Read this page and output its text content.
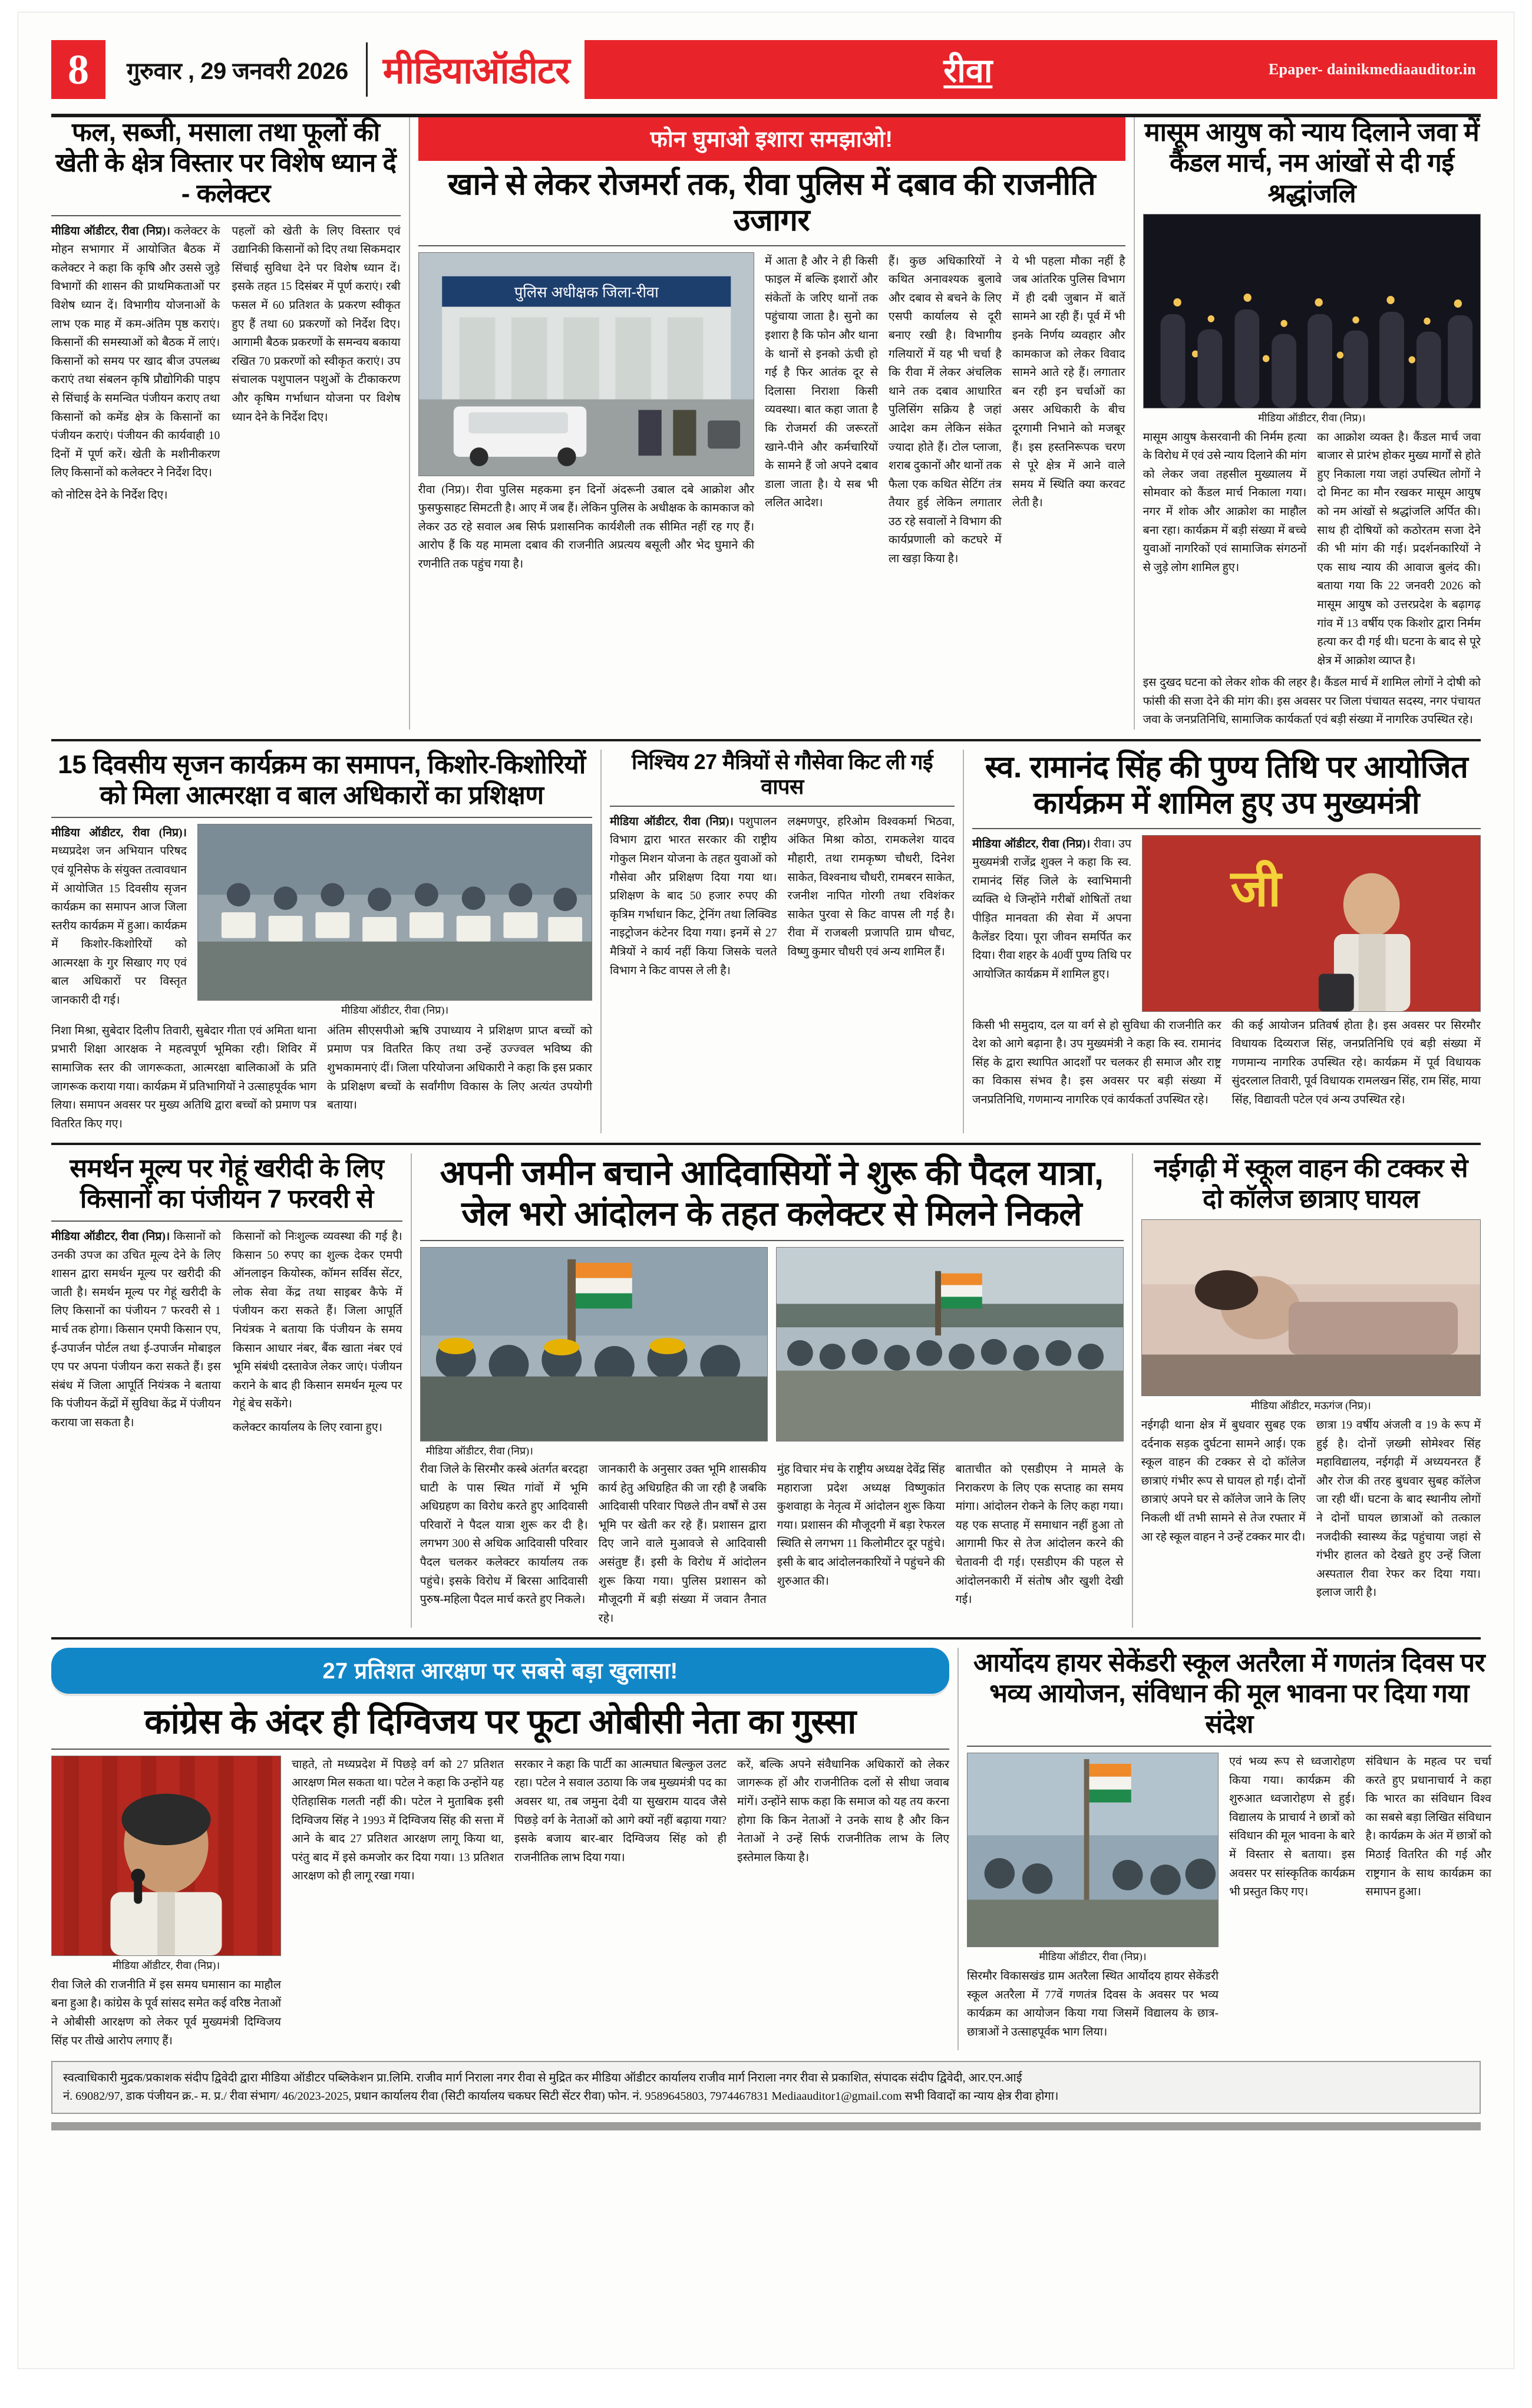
8	गुरुवार , 29 जनवरी 2026 मीडियाऑडीटर	रीवा	Epaper- dainikmediaauditor.in
फल, सब्जी, मसाला तथा फूलों की खेती के क्षेत्र विस्तार पर विशेष ध्यान दें - कलेक्टर

मीडिया ऑडीटर, रीवा (निप्र)। कलेक्टर के मोहन सभागार में आयोजित बैठक में कलेक्टर ने कहा कि कृषि और उससे जुड़े विभागों की शासन की प्राथमिकताओं पर विशेष ध्यान दें। विभागीय योजनाओं के लाभ एक माह में कम-अंतिम पृष्ठ कराएं। किसानों की समस्याओं को बैठक में लाएं। किसानों को समय पर खाद बीज उपलब्ध कराएं तथा संबलन कृषि प्रौद्योगिकी पाइप से सिंचाई के समन्वित पंजीयन कराए तथा किसानों को कमेंड क्षेत्र के किसानों का पंजीयन कराएं। पंजीयन की कार्यवाही 10 दिनों में पूर्ण करें। खेती के मशीनीकरण लिए किसानों को कलेक्टर ने निर्देश दिए।

पहलों को खेती के लिए विस्तार एवं उद्यानिकी किसानों को दिए तथा सिकमदार सिंचाई सुविधा देने पर विशेष ध्यान दें। इसके तहत 15 दिसंबर में पूर्ण कराएं। रबी फसल में 60 प्रतिशत के प्रकरण स्वीकृत हुए हैं तथा 60 प्रकरणों को निर्देश दिए। आगामी बैठक प्रकरणों के समन्वय बकाया रखित 70 प्रकरणों को स्वीकृत कराएं। उप संचालक पशुपालन पशुओं के टीकाकरण और कृषिम गर्भाधान योजना पर विशेष ध्यान देने के निर्देश दिए।

को नोटिस देने के निर्देश दिए।

फोन घुमाओ इशारा समझाओ!
खाने से लेकर रोजमर्रा तक, रीवा पुलिस में दबाव की राजनीति उजागर
पुलिस अधीक्षक जिला-रीवा

रीवा (निप्र)। रीवा पुलिस महकमा इन दिनों अंदरूनी उबाल दबे आक्रोश और फुसफुसाहट सिमटती है। आए में जब हैं। लेकिन पुलिस के अधीक्षक के कामकाज को लेकर उठ रहे सवाल अब सिर्फ प्रशासनिक कार्यशैली तक सीमित नहीं रह गए हैं। आरोप हैं कि यह मामला दबाव की राजनीति अप्रत्यय बसूली और भेद घुमाने की रणनीति तक पहुंच गया है।

में आता है और ने ही किसी फाइल में बल्कि इशारों और संकेतों के जरिए थानों तक पहुंचाया जाता है। सुनो का इशारा है कि फोन और थाना के थानों से इनको ऊंची हो गई है फिर आतंक दूर से दिलासा निराशा किसी व्यवस्था। बात कहा जाता है कि रोजमर्रा की जरूरतों खाने-पीने और कर्मचारियों के सामने हैं जो अपने दबाव डाला जाता है। ये सब भी ललित आदेश।

हैं। कुछ अधिकारियों ने कथित अनावश्यक बुलावे और दबाव से बचने के लिए एसपी कार्यालय से दूरी बनाए रखी है। विभागीय गलियारों में यह भी चर्चा है कि रीवा में लेकर अंचलिक थाने तक दबाव आधारित पुलिसिंग सक्रिय है जहां आदेश कम लेकिन संकेत ज्यादा होते हैं। टोल प्लाजा, शराब दुकानों और थानों तक फैला एक कथित सेटिंग तंत्र तैयार हुई लेकिन लगातार उठ रहे सवालों ने विभाग की कार्यप्रणाली को कटघरे में ला खड़ा किया है।

ये भी पहला मौका नहीं है जब आंतरिक पुलिस विभाग में ही दबी जुबान में बातें सामने आ रही हैं। पूर्व में भी इनके निर्णय व्यवहार और कामकाज को लेकर विवाद सामने आते रहे हैं। लगातार बन रही इन चर्चाओं का असर अधिकारी के बीच दूरगामी निभाने को मजबूर हैं। इस हस्तनिरूपक चरण से पूरे क्षेत्र में आने वाले समय में स्थिति क्या करवट लेती है।

मासूम आयुष को न्याय दिलाने जवा में कैंडल मार्च, नम आंखों से दी गई श्रद्धांजलि
मीडिया ऑडीटर, रीवा (निप्र)।

मासूम आयुष केसरवानी की निर्मम हत्या के विरोध में एवं उसे न्याय दिलाने की मांग को लेकर जवा तहसील मुख्यालय में सोमवार को कैंडल मार्च निकाला गया। नगर में शोक और आक्रोश का माहौल बना रहा। कार्यक्रम में बड़ी संख्या में बच्चे युवाओं नागरिकों एवं सामाजिक संगठनों से जुड़े लोग शामिल हुए।

का आक्रोश व्यक्त है। कैंडल मार्च जवा बाजार से प्रारंभ होकर मुख्य मार्गों से होते हुए निकाला गया जहां उपस्थित लोगों ने दो मिनट का मौन रखकर मासूम आयुष को नम आंखों से श्रद्धांजलि अर्पित की। साथ ही दोषियों को कठोरतम सजा देने की भी मांग की गई। प्रदर्शनकारियों ने एक साथ न्याय की आवाज बुलंद की। बताया गया कि 22 जनवरी 2026 को मासूम आयुष को उत्तरप्रदेश के बढ़ागढ़ गांव में 13 वर्षीय एक किशोर द्वारा निर्मम हत्या कर दी गई थी। घटना के बाद से पूरे क्षेत्र में आक्रोश व्याप्त है।

इस दुखद घटना को लेकर शोक की लहर है। कैंडल मार्च में शामिल लोगों ने दोषी को फांसी की सजा देने की मांग की। इस अवसर पर जिला पंचायत सदस्य, नगर पंचायत जवा के जनप्रतिनिधि, सामाजिक कार्यकर्ता एवं बड़ी संख्या में नागरिक उपस्थित रहे।

15 दिवसीय सृजन कार्यक्रम का समापन, किशोर-किशोरियों को मिला आत्मरक्षा व बाल अधिकारों का प्रशिक्षण

मीडिया ऑडीटर, रीवा (निप्र)। मध्यप्रदेश जन अभियान परिषद एवं यूनिसेफ के संयुक्त तत्वावधान में आयोजित 15 दिवसीय सृजन कार्यक्रम का समापन आज जिला स्तरीय कार्यक्रम में हुआ। कार्यक्रम में किशोर-किशोरियों को आत्मरक्षा के गुर सिखाए गए एवं बाल अधिकारों पर विस्तृत जानकारी दी गई।

मीडिया ऑडीटर, रीवा (निप्र)।

निशा मिश्रा, सुबेदार दिलीप तिवारी, सुबेदार गीता एवं अमिता थाना प्रभारी शिक्षा आरक्षक ने महत्वपूर्ण भूमिका रही। शिविर में सामाजिक स्तर की जागरूकता, आत्मरक्षा बालिकाओं के प्रति जागरूक कराया गया। कार्यक्रम में प्रतिभागियों ने उत्साहपूर्वक भाग लिया। समापन अवसर पर मुख्य अतिथि द्वारा बच्चों को प्रमाण पत्र वितरित किए गए।

अंतिम सीएसपीओ ऋषि उपाध्याय ने प्रशिक्षण प्राप्त बच्चों को प्रमाण पत्र वितरित किए तथा उन्हें उज्ज्वल भविष्य की शुभकामनाएं दीं। जिला परियोजना अधिकारी ने कहा कि इस प्रकार के प्रशिक्षण बच्चों के सर्वांगीण विकास के लिए अत्यंत उपयोगी बताया।

निश्चिय 27 मैत्रियों से गौसेवा किट ली गई वापस

मीडिया ऑडीटर, रीवा (निप्र)। पशुपालन विभाग द्वारा भारत सरकार की राष्ट्रीय गोकुल मिशन योजना के तहत युवाओं को गौसेवा और प्रशिक्षण दिया गया था। प्रशिक्षण के बाद 50 हजार रुपए की कृत्रिम गर्भाधान किट, ट्रेनिंग तथा लिक्विड नाइट्रोजन कंटेनर दिया गया। इनमें से 27 मैत्रियों ने कार्य नहीं किया जिसके चलते विभाग ने किट वापस ले ली है।

लक्ष्मणपुर, हरिओम विश्वकर्मा भिठवा, अंकित मिश्रा कोठा, रामकलेश यादव मौहारी, तथा रामकृष्ण चौधरी, दिनेश साकेत, विश्वनाथ चौधरी, रामबरन साकेत, रजनीश नापित गोरगी तथा रविशंकर साकेत पुरवा से किट वापस ली गई है। रीवा में राजबली प्रजापति ग्राम धौचट, विष्णु कुमार चौधरी एवं अन्य शामिल हैं।

स्व. रामानंद सिंह की पुण्य तिथि पर आयोजित कार्यक्रम में शामिल हुए उप मुख्यमंत्री

मीडिया ऑडीटर, रीवा (निप्र)। रीवा। उप मुख्यमंत्री राजेंद्र शुक्ल ने कहा कि स्व. रामानंद सिंह जिले के स्वाभिमानी व्यक्ति थे जिन्होंने गरीबों शोषितों तथा पीड़ित मानवता की सेवा में अपना कैलेंडर दिया। पूरा जीवन समर्पित कर दिया। रीवा शहर के 40वीं पुण्य तिथि पर आयोजित कार्यक्रम में शामिल हुए।

जी

किसी भी समुदाय, दल या वर्ग से हो सुविधा की राजनीति कर देश को आगे बढ़ाना है। उप मुख्यमंत्री ने कहा कि स्व. रामानंद सिंह के द्वारा स्थापित आदर्शों पर चलकर ही समाज और राष्ट्र का विकास संभव है। इस अवसर पर बड़ी संख्या में जनप्रतिनिधि, गणमान्य नागरिक एवं कार्यकर्ता उपस्थित रहे।

की कई आयोजन प्रतिवर्ष होता है। इस अवसर पर सिरमौर विधायक दिव्यराज सिंह, जनप्रतिनिधि एवं बड़ी संख्या में गणमान्य नागरिक उपस्थित रहे। कार्यक्रम में पूर्व विधायक सुंदरलाल तिवारी, पूर्व विधायक रामलखन सिंह, राम सिंह, माया सिंह, विद्यावती पटेल एवं अन्य उपस्थित रहे।

समर्थन मूल्य पर गेहूं खरीदी के लिए किसानों का पंजीयन 7 फरवरी से

मीडिया ऑडीटर, रीवा (निप्र)। किसानों को उनकी उपज का उचित मूल्य देने के लिए शासन द्वारा समर्थन मूल्य पर खरीदी की जाती है। समर्थन मूल्य पर गेहूं खरीदी के लिए किसानों का पंजीयन 7 फरवरी से 1 मार्च तक होगा। किसान एमपी किसान एप, ई-उपार्जन पोर्टल तथा ई-उपार्जन मोबाइल एप पर अपना पंजीयन करा सकते हैं। इस संबंध में जिला आपूर्ति नियंत्रक ने बताया कि पंजीयन केंद्रों में सुविधा केंद्र में पंजीयन कराया जा सकता है।

किसानों को निःशुल्क व्यवस्था की गई है। किसान 50 रुपए का शुल्क देकर एमपी ऑनलाइन कियोस्क, कॉमन सर्विस सेंटर, लोक सेवा केंद्र तथा साइबर कैफे में पंजीयन करा सकते हैं। जिला आपूर्ति नियंत्रक ने बताया कि पंजीयन के समय किसान आधार नंबर, बैंक खाता नंबर एवं भूमि संबंधी दस्तावेज लेकर जाएं। पंजीयन कराने के बाद ही किसान समर्थन मूल्य पर गेहूं बेच सकेंगे।

कलेक्टर कार्यालय के लिए रवाना हुए।

अपनी जमीन बचाने आदिवासियों ने शुरू की पैदल यात्रा, जेल भरो आंदोलन के तहत कलेक्टर से मिलने निकले
मीडिया ऑडीटर, रीवा (निप्र)।

रीवा जिले के सिरमौर कस्बे अंतर्गत बरदहा घाटी के पास स्थित गांवों में भूमि अधिग्रहण का विरोध करते हुए आदिवासी परिवारों ने पैदल यात्रा शुरू कर दी है। लगभग 300 से अधिक आदिवासी परिवार पैदल चलकर कलेक्टर कार्यालय तक पहुंचे। इसके विरोध में बिरसा आदिवासी पुरुष-महिला पैदल मार्च करते हुए निकले।

जानकारी के अनुसार उक्त भूमि शासकीय कार्य हेतु अधिग्रहित की जा रही है जबकि आदिवासी परिवार पिछले तीन वर्षों से उस भूमि पर खेती कर रहे हैं। प्रशासन द्वारा दिए जाने वाले मुआवजे से आदिवासी असंतुष्ट हैं। इसी के विरोध में आंदोलन शुरू किया गया। पुलिस प्रशासन को मौजूदगी में बड़ी संख्या में जवान तैनात रहे।

मुंह विचार मंच के राष्ट्रीय अध्यक्ष देवेंद्र सिंह महाराजा प्रदेश अध्यक्ष विष्णुकांत कुशवाहा के नेतृत्व में आंदोलन शुरू किया गया। प्रशासन की मौजूदगी में बड़ा रेफरल स्थिति से लगभग 11 किलोमीटर दूर पहुंचे। इसी के बाद आंदोलनकारियों ने पहुंचने की शुरुआत की।

बाताचीत को एसडीएम ने मामले के निराकरण के लिए एक सप्ताह का समय मांगा। आंदोलन रोकने के लिए कहा गया। यह एक सप्ताह में समाधान नहीं हुआ तो आगामी फिर से तेज आंदोलन करने की चेतावनी दी गई। एसडीएम की पहल से आंदोलनकारी में संतोष और खुशी देखी गई।

नईगढ़ी में स्कूल वाहन की टक्कर से दो कॉलेज छात्राए घायल
मीडिया ऑडीटर, मऊगंज (निप्र)।

नईगढ़ी थाना क्षेत्र में बुधवार सुबह एक दर्दनाक सड़क दुर्घटना सामने आई। एक स्कूल वाहन की टक्कर से दो कॉलेज छात्राएं गंभीर रूप से घायल हो गईं। दोनों छात्राएं अपने घर से कॉलेज जाने के लिए निकली थीं तभी सामने से तेज रफ्तार में आ रहे स्कूल वाहन ने उन्हें टक्कर मार दी।

छात्रा 19 वर्षीय अंजली व 19 के रूप में हुई है। दोनों ज़ख्मी सोमेश्वर सिंह महाविद्यालय, नईगढ़ी में अध्ययनरत हैं और रोज की तरह बुधवार सुबह कॉलेज जा रही थीं। घटना के बाद स्थानीय लोगों ने दोनों घायल छात्राओं को तत्काल नजदीकी स्वास्थ्य केंद्र पहुंचाया जहां से गंभीर हालत को देखते हुए उन्हें जिला अस्पताल रीवा रेफर कर दिया गया। इलाज जारी है।

27 प्रतिशत आरक्षण पर सबसे बड़ा खुलासा!
कांग्रेस के अंदर ही दिग्विजय पर फूटा ओबीसी नेता का गुस्सा
मीडिया ऑडीटर, रीवा (निप्र)।

रीवा जिले की राजनीति में इस समय घमासान का माहौल बना हुआ है। कांग्रेस के पूर्व सांसद समेत कई वरिष्ठ नेताओं ने ओबीसी आरक्षण को लेकर पूर्व मुख्यमंत्री दिग्विजय सिंह पर तीखे आरोप लगाए हैं।

चाहते, तो मध्यप्रदेश में पिछड़े वर्ग को 27 प्रतिशत आरक्षण मिल सकता था। पटेल ने कहा कि उन्होंने यह ऐतिहासिक गलती नहीं की। पटेल ने मुताबिक इसी दिग्विजय सिंह ने 1993 में दिग्विजय सिंह की सत्ता में आने के बाद 27 प्रतिशत आरक्षण लागू किया था, परंतु बाद में इसे कमजोर कर दिया गया। 13 प्रतिशत आरक्षण को ही लागू रखा गया।

सरकार ने कहा कि पार्टी का आत्मघात बिल्कुल उलट रहा। पटेल ने सवाल उठाया कि जब मुख्यमंत्री पद का अवसर था, तब जमुना देवी या सुखराम यादव जैसे पिछड़े वर्ग के नेताओं को आगे क्यों नहीं बढ़ाया गया? इसके बजाय बार-बार दिग्विजय सिंह को ही राजनीतिक लाभ दिया गया।

करें, बल्कि अपने संवैधानिक अधिकारों को लेकर जागरूक हों और राजनीतिक दलों से सीधा जवाब मांगें। उन्होंने साफ कहा कि समाज को यह तय करना होगा कि किन नेताओं ने उनके साथ है और किन नेताओं ने उन्हें सिर्फ राजनीतिक लाभ के लिए इस्तेमाल किया है।

आर्योदय हायर सेकेंडरी स्कूल अतरैला में गणतंत्र दिवस पर भव्य आयोजन, संविधान की मूल भावना पर दिया गया संदेश
मीडिया ऑडीटर, रीवा (निप्र)।

सिरमौर विकासखंड ग्राम अतरैला स्थित आर्योदय हायर सेकेंडरी स्कूल अतरैला में 77वें गणतंत्र दिवस के अवसर पर भव्य कार्यक्रम का आयोजन किया गया जिसमें विद्यालय के छात्र-छात्राओं ने उत्साहपूर्वक भाग लिया।

एवं भव्य रूप से ध्वजारोहण किया गया। कार्यक्रम की शुरुआत ध्वजारोहण से हुई। विद्यालय के प्राचार्य ने छात्रों को संविधान की मूल भावना के बारे में विस्तार से बताया। इस अवसर पर सांस्कृतिक कार्यक्रम भी प्रस्तुत किए गए।

संविधान के महत्व पर चर्चा करते हुए प्रधानाचार्य ने कहा कि भारत का संविधान विश्व का सबसे बड़ा लिखित संविधान है। कार्यक्रम के अंत में छात्रों को मिठाई वितरित की गई और राष्ट्रगान के साथ कार्यक्रम का समापन हुआ।

स्वत्वाधिकारी मुद्रक/प्रकाशक संदीप द्विवेदी द्वारा मीडिया ऑडीटर पब्लिकेशन प्रा.लिमि. राजीव मार्ग निराला नगर रीवा से मुद्रित कर मीडिया ऑडीटर कार्यालय राजीव मार्ग निराला नगर रीवा से प्रकाशित, संपादक संदीप द्विवेदी, आर.एन.आई
नं. 69082/97, डाक पंजीयन क्र.- म. प्र./ रीवा संभाग/ 46/2023-2025, प्रधान कार्यालय रीवा (सिटी कार्यालय चकघर सिटी सेंटर रीवा) फोन. नं. 9589645803, 7974467831 Mediaauditor1@gmail.com सभी विवादों का न्याय क्षेत्र रीवा होगा।
